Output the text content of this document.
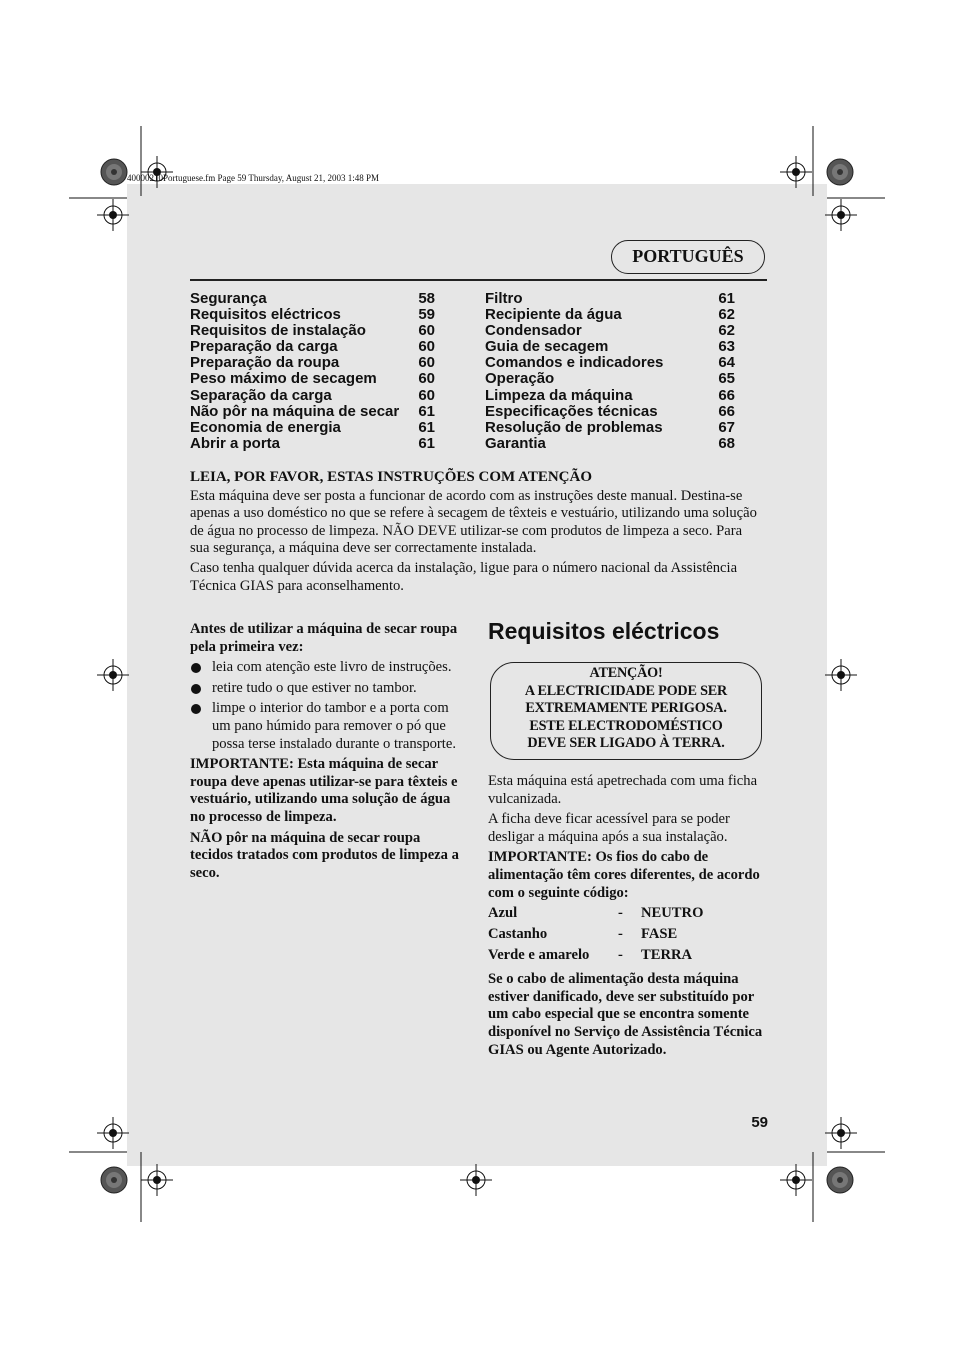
40000210Portuguese.fm Page 59 Thursday, August 21, 2003 1:48 PM
PORTUGUÊS
Segurança	58
Requisitos eléctricos	59
Requisitos de instalação	60
Preparação da carga	60
Preparação da roupa	60
Peso máximo de secagem	60
Separação da carga	60
Não pôr na máquina de secar	61
Economia de energia	61
Abrir a porta	61
Filtro	61
Recipiente da água	62
Condensador	62
Guia de secagem	63
Comandos e indicadores	64
Operação	65
Limpeza da máquina	66
Especificações técnicas	66
Resolução de problemas	67
Garantia	68
LEIA, POR FAVOR, ESTAS INSTRUÇÕES COM ATENÇÃO

Esta máquina deve ser posta a funcionar de acordo com as instruções deste manual. Destina-se apenas a uso doméstico no que se refere à secagem de têxteis e vestuário, utilizando uma solução de água no processo de limpeza. NÃO DEVE utilizar-se com produtos de limpeza a seco. Para sua segurança, a máquina deve ser correctamente instalada.

Caso tenha qualquer dúvida acerca da instalação, ligue para o número nacional da Assistência Técnica GIAS para aconselhamento.

Antes de utilizar a máquina de secar roupa pela primeira vez:

leia com atenção este livro de instruções.
retire tudo o que estiver no tambor.
limpe o interior do tambor e a porta com um pano húmido para remover o pó que possa terse instalado durante o transporte.

IMPORTANTE: Esta máquina de secar roupa deve apenas utilizar-se para têxteis e vestuário, utilizando uma solução de água no processo de limpeza.

NÃO pôr na máquina de secar roupa tecidos tratados com produtos de limpeza a seco.

Requisitos eléctricos
ATENÇÃO!
A ELECTRICIDADE PODE SER
EXTREMAMENTE PERIGOSA.
ESTE ELECTRODOMÉSTICO
DEVE SER LIGADO À TERRA.

Esta máquina está apetrechada com uma ficha vulcanizada.

A ficha deve ficar acessível para se poder desligar a máquina após a sua instalação.

IMPORTANTE: Os fios do cabo de alimentação têm cores diferentes, de acordo com o seguinte código:

Azul	-	NEUTRO
Castanho	-	FASE
Verde e amarelo	-	TERRA

Se o cabo de alimentação desta máquina estiver danificado, deve ser substituído por um cabo especial que se encontra somente disponível no Serviço de Assistência Técnica GIAS ou Agente Autorizado.

59
